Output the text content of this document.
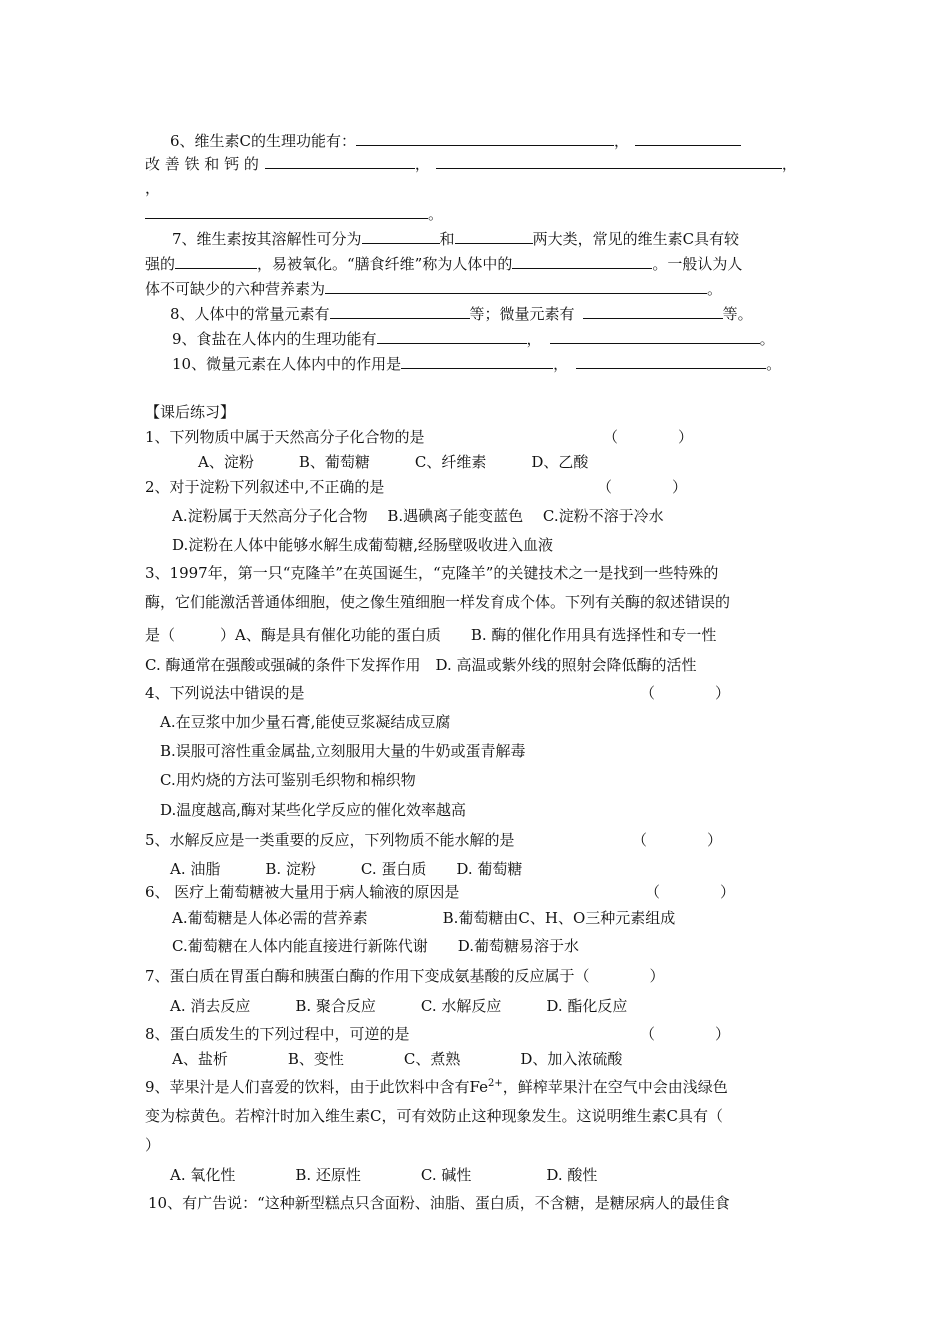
6、维生素C的生理功能有：	，
改 善 铁 和 钙 的	，	，
，
。
7、维生素按其溶解性可分为	和	两大类，常见的维生素C具有较
强的	，易被氧化。“膳食纤维”称为人体中的	。一般认为人
体不可缺少的六种营养素为	。
8、人体中的常量元素有	等；微量元素有	等。
9、食盐在人体内的生理功能有	，	。
10、微量元素在人体内中的作用是	，	。
【课后练习】
1、下列物质中属于天然高分子化合物的是	（　　　　）
A、淀粉　　　B、葡萄糖　　　C、纤维素　　　D、乙酸
2、对于淀粉下列叙述中,不正确的是	（　　　　）
A.淀粉属于天然高分子化合物　 B.遇碘离子能变蓝色　 C.淀粉不溶于冷水
D.淀粉在人体中能够水解生成葡萄糖,经肠壁吸收进入血液
3、1997年，第一只“克隆羊”在英国诞生，“克隆羊”的关键技术之一是找到一些特殊的
酶，它们能激活普通体细胞，使之像生殖细胞一样发育成个体。下列有关酶的叙述错误的
是（　　　）A、酶是具有催化功能的蛋白质　　B. 酶的催化作用具有选择性和专一性
C. 酶通常在强酸或强碱的条件下发挥作用　D. 高温或紫外线的照射会降低酶的活性
4、下列说法中错误的是	（　　　　）
A.在豆浆中加少量石膏,能使豆浆凝结成豆腐
B.误服可溶性重金属盐,立刻服用大量的牛奶或蛋青解毒
C.用灼烧的方法可鉴别毛织物和棉织物
D.温度越高,酶对某些化学反应的催化效率越高
5、水解反应是一类重要的反应，下列物质不能水解的是	（　　　　）
A. 油脂　　　B. 淀粉　　　C. 蛋白质　　D. 葡萄糖
6、 医疗上葡萄糖被大量用于病人输液的原因是	（　　　　）
A.葡萄糖是人体必需的营养素　　　　　B.葡萄糖由C、H、O三种元素组成
C.葡萄糖在人体内能直接进行新陈代谢　　D.葡萄糖易溶于水
7、蛋白质在胃蛋白酶和胰蛋白酶的作用下变成氨基酸的反应属于（　　　　）
A. 消去反应　　　B. 聚合反应　　　C. 水解反应　　　D. 酯化反应
8、蛋白质发生的下列过程中，可逆的是	（　　　　）
A、盐析　　　　B、变性　　　　C、煮熟　　　　D、加入浓硫酸
9、苹果汁是人们喜爱的饮料，由于此饮料中含有$Fe^{2+}$，鲜榨苹果汁在空气中会由浅绿色
变为棕黄色。若榨汁时加入维生素C，可有效防止这种现象发生。这说明维生素C具有（
）
A. 氧化性　　　　B. 还原性　　　　C. 碱性　　　　　D. 酸性
10、有广告说：“这种新型糕点只含面粉、油脂、蛋白质，不含糖，是糖尿病人的最佳食
